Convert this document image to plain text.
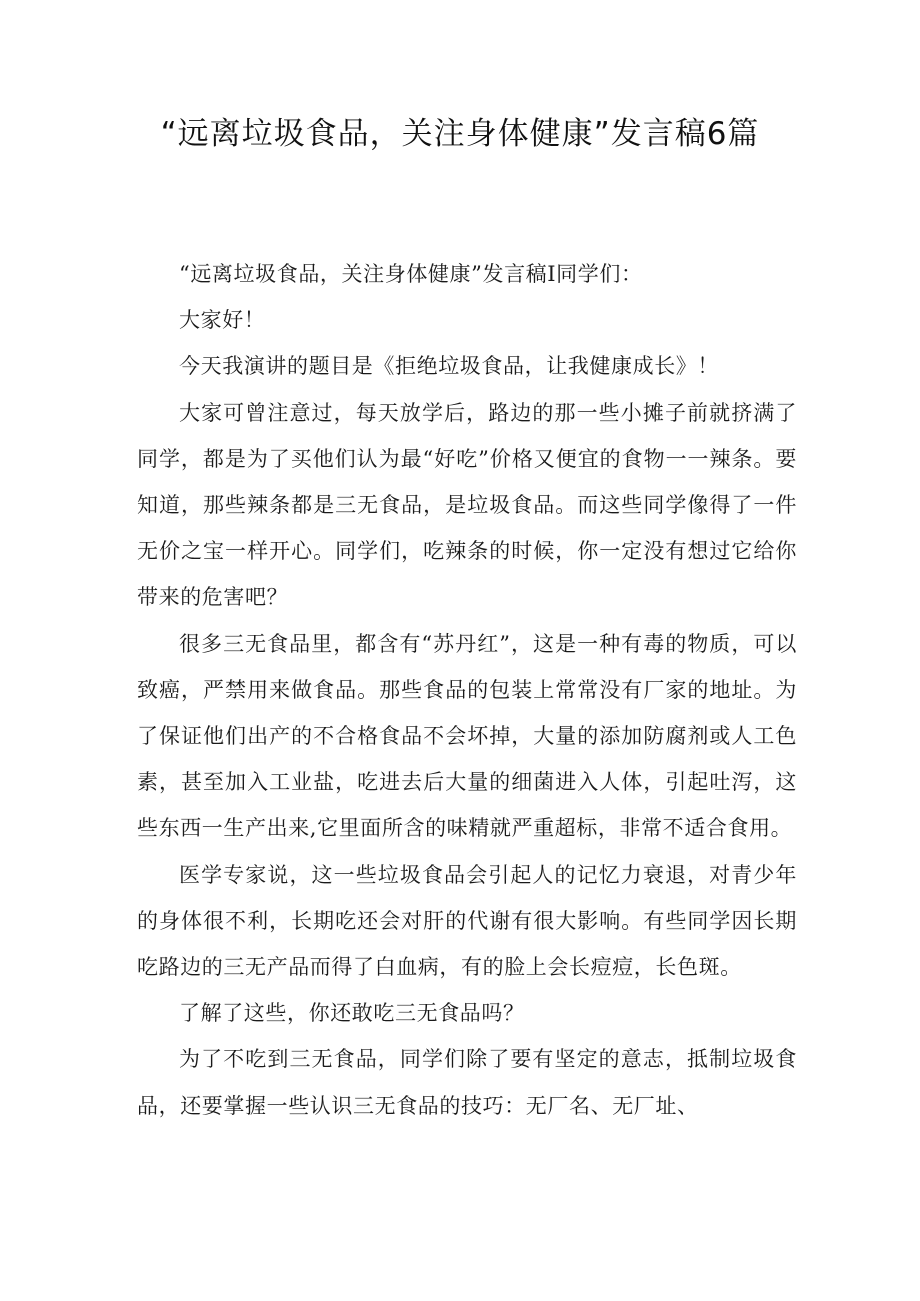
“远离垃圾食品，关注身体健康”发言稿6篇

“远离垃圾食品，关注身体健康”发言稿Ⅰ同学们：

大家好！

今天我演讲的题目是《拒绝垃圾食品，让我健康成长》！

大家可曾注意过，每天放学后，路边的那一些小摊子前就挤满了同学，都是为了买他们认为最“好吃”价格又便宜的食物一一辣条。要知道，那些辣条都是三无食品，是垃圾食品。而这些同学像得了一件无价之宝一样开心。同学们，吃辣条的时候，你一定没有想过它给你带来的危害吧？

很多三无食品里，都含有“苏丹红”，这是一种有毒的物质，可以致癌，严禁用来做食品。那些食品的包装上常常没有厂家的地址。为了保证他们出产的不合格食品不会坏掉，大量的添加防腐剂或人工色素，甚至加入工业盐，吃进去后大量的细菌进入人体，引起吐泻，这些东西一生产出来,它里面所含的味精就严重超标，非常不适合食用。

医学专家说，这一些垃圾食品会引起人的记忆力衰退，对青少年的身体很不利，长期吃还会对肝的代谢有很大影响。有些同学因长期吃路边的三无产品而得了白血病，有的脸上会长痘痘，长色斑。

了解了这些，你还敢吃三无食品吗？

为了不吃到三无食品，同学们除了要有坚定的意志，抵制垃圾食品，还要掌握一些认识三无食品的技巧：无厂名、无厂址、
